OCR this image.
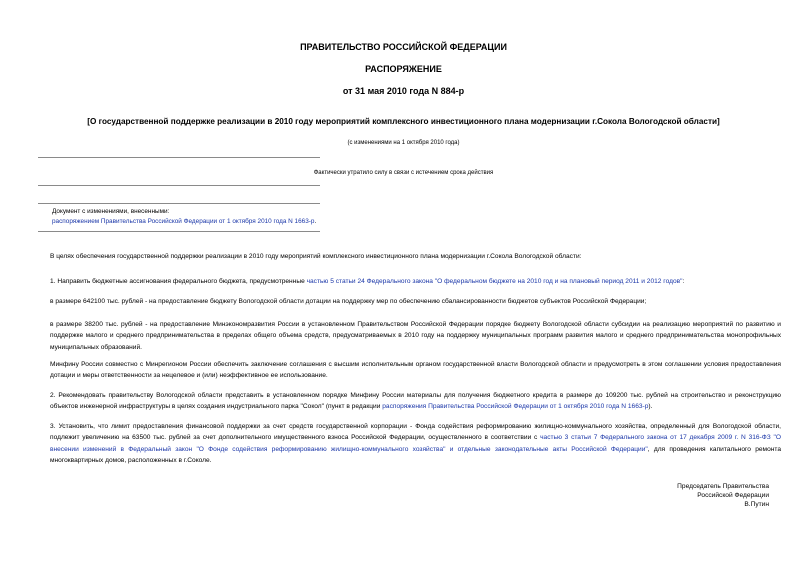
ПРАВИТЕЛЬСТВО РОССИЙСКОЙ ФЕДЕРАЦИИ
РАСПОРЯЖЕНИЕ
от 31 мая 2010 года N 884-р
[О государственной поддержке реализации в 2010 году мероприятий комплексного инвестиционного плана модернизации г.Сокола Вологодской области]
(с изменениями на 1 октября 2010 года)
Фактически утратило силу в связи с истечением срока действия
Документ с изменениями, внесенными:
распоряжением Правительства Российской Федерации от 1 октября 2010 года N 1663-р.
В целях обеспечения государственной поддержки реализации в 2010 году мероприятий комплексного инвестиционного плана модернизации г.Сокола Вологодской области:
1. Направить бюджетные ассигнования федерального бюджета, предусмотренные частью 5 статьи 24 Федерального закона "О федеральном бюджете на 2010 год и на плановый период 2011 и 2012 годов":
в размере 642100 тыс. рублей - на предоставление бюджету Вологодской области дотации на поддержку мер по обеспечению сбалансированности бюджетов субъектов Российской Федерации;
в размере 38200 тыс. рублей - на предоставление Минэкономразвития России в установленном Правительством Российской Федерации порядке бюджету Вологодской области субсидии на реализацию мероприятий по развитию и поддержке малого и среднего предпринимательства в пределах общего объема средств, предусматриваемых в 2010 году на поддержку муниципальных программ развития малого и среднего предпринимательства монопрофильных муниципальных образований.
Минфину России совместно с Минрегионом России обеспечить заключение соглашения с высшим исполнительным органом государственной власти Вологодской области и предусмотреть в этом соглашении условия предоставления дотации и меры ответственности за нецелевое и (или) неэффективное ее использование.
2. Рекомендовать правительству Вологодской области представить в установленном порядке Минфину России материалы для получения бюджетного кредита в размере до 109200 тыс. рублей на строительство и реконструкцию объектов инженерной инфраструктуры в целях создания индустриального парка "Сокол" (пункт в редакции распоряжения Правительства Российской Федерации от 1 октября 2010 года N 1663-р).
3. Установить, что лимит предоставления финансовой поддержки за счет средств государственной корпорации - Фонда содействия реформированию жилищно-коммунального хозяйства, определенный для Вологодской области, подлежит увеличению на 63500 тыс. рублей за счет дополнительного имущественного взноса Российской Федерации, осуществленного в соответствии с частью 3 статьи 7 Федерального закона от 17 декабря 2009 г. N 316-ФЗ "О внесении изменений в Федеральный закон "О Фонде содействия реформированию жилищно-коммунального хозяйства" и отдельные законодательные акты Российской Федерации", для проведения капитального ремонта многоквартирных домов, расположенных в г.Соколе.
Председатель Правительства
Российской Федерации
В.Путин
